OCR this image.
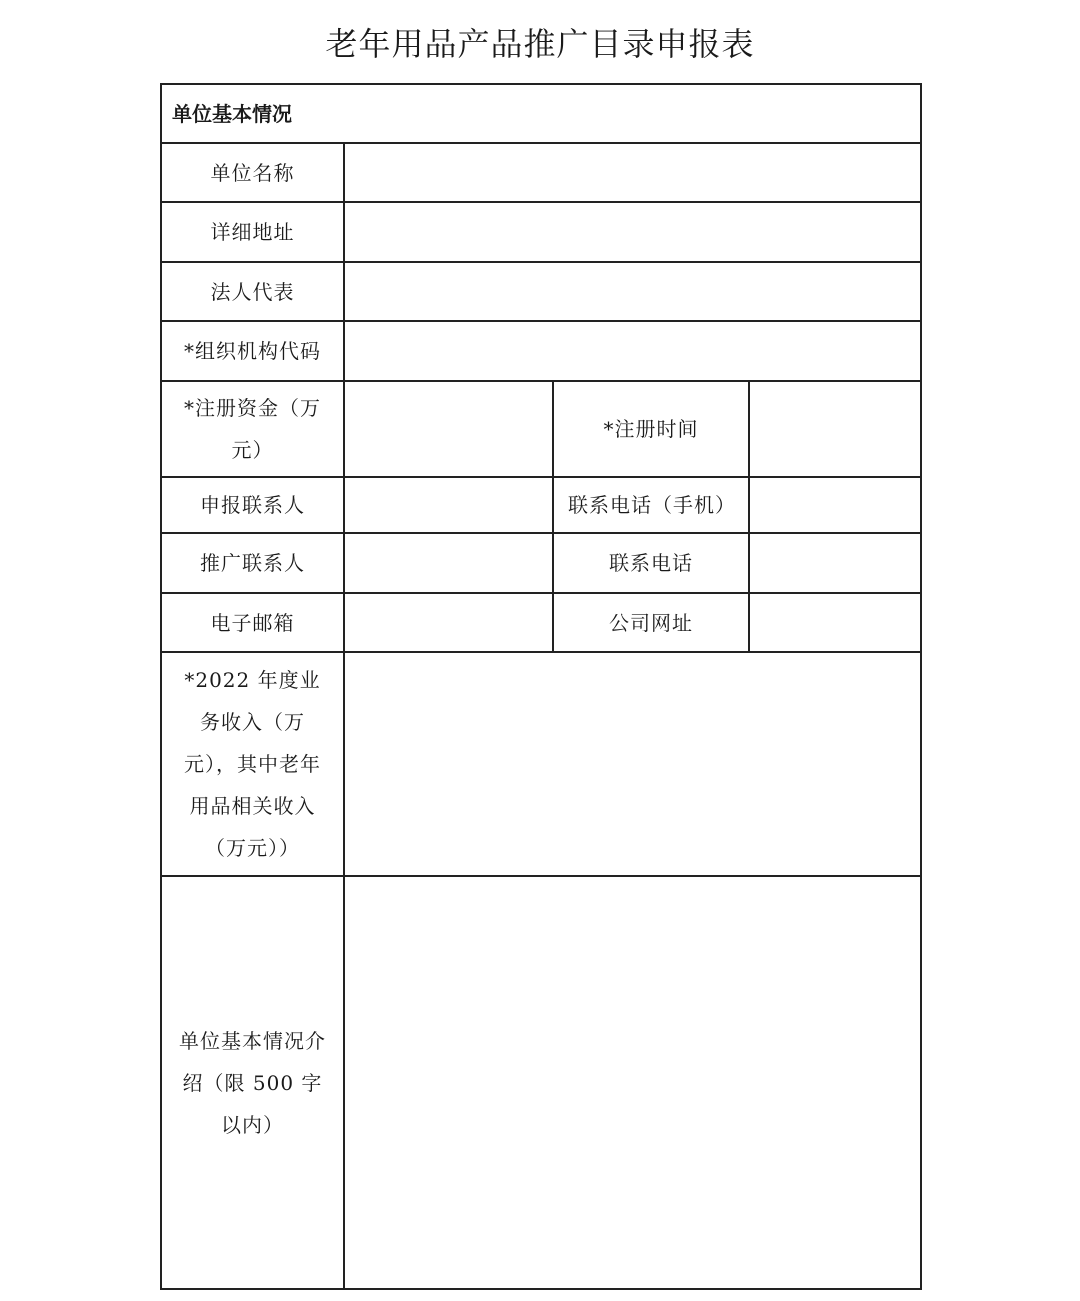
老年用品产品推广目录申报表
单位基本情况			
单位名称			
详细地址			
法人代表			
*组织机构代码			
*注册资金（万元）		*注册时间	
申报联系人		联系电话（手机）	
推广联系人		联系电话	
电子邮箱		公司网址	
*2022 年度业务收入（万元），其中老年用品相关收入（万元））			
单位基本情况介绍（限 500 字以内）			
